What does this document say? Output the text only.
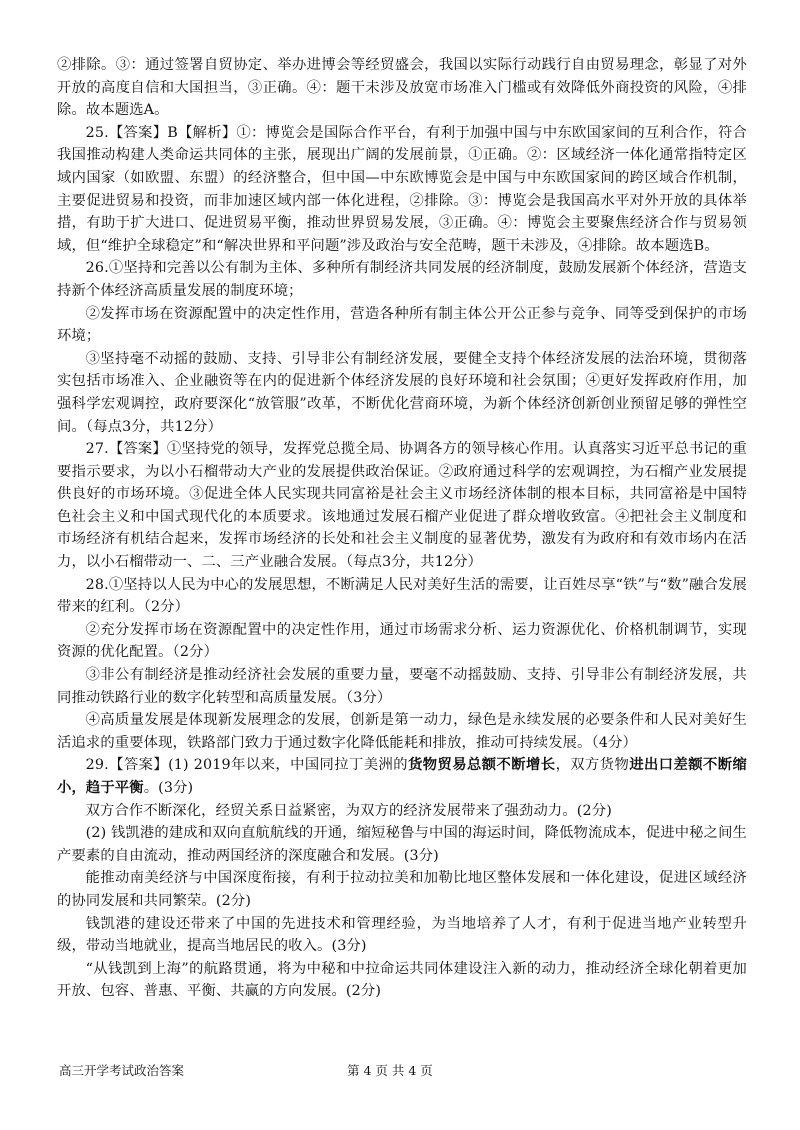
②排除。③：通过签署自贸协定、举办进博会等经贸盛会，我国以实际行动践行自由贸易理念，彰显了对外开放的高度自信和大国担当，③正确。④：题干未涉及放宽市场准入门槛或有效降低外商投资的风险，④排除。故本题选A。

25.【答案】B【解析】①：博览会是国际合作平台，有利于加强中国与中东欧国家间的互利合作，符合我国推动构建人类命运共同体的主张，展现出广阔的发展前景，①正确。②：区域经济一体化通常指特定区域内国家（如欧盟、东盟）的经济整合，但中国—中东欧博览会是中国与中东欧国家间的跨区域合作机制，主要促进贸易和投资，而非加速区域内部一体化进程，②排除。③：博览会是我国高水平对外开放的具体举措，有助于扩大进口、促进贸易平衡，推动世界贸易发展，③正确。④：博览会主要聚焦经济合作与贸易领域，但“维护全球稳定”和“解决世界和平问题”涉及政治与安全范畴，题干未涉及，④排除。故本题选B。

26.①坚持和完善以公有制为主体、多种所有制经济共同发展的经济制度，鼓励发展新个体经济，营造支持新个体经济高质量发展的制度环境；

②发挥市场在资源配置中的决定性作用，营造各种所有制主体公开公正参与竞争、同等受到保护的市场环境；

③坚持毫不动摇的鼓励、支持、引导非公有制经济发展，要健全支持个体经济发展的法治环境，贯彻落实包括市场准入、企业融资等在内的促进新个体经济发展的良好环境和社会氛围；④更好发挥政府作用，加强科学宏观调控，政府要深化“放管服”改革，不断优化营商环境，为新个体经济创新创业预留足够的弹性空间。（每点3分，共12分）

27.【答案】①坚持党的领导，发挥党总揽全局、协调各方的领导核心作用。认真落实习近平总书记的重要指示要求，为以小石榴带动大产业的发展提供政治保证。②政府通过科学的宏观调控，为石榴产业发展提供良好的市场环境。③促进全体人民实现共同富裕是社会主义市场经济体制的根本目标，共同富裕是中国特色社会主义和中国式现代化的本质要求。该地通过发展石榴产业促进了群众增收致富。④把社会主义制度和市场经济有机结合起来，发挥市场经济的长处和社会主义制度的显著优势，激发有为政府和有效市场内在活力，以小石榴带动一、二、三产业融合发展。（每点3分，共12分）

28.①坚持以人民为中心的发展思想，不断满足人民对美好生活的需要，让百姓尽享“铁”与“数”融合发展带来的红利。（2分）

②充分发挥市场在资源配置中的决定性作用，通过市场需求分析、运力资源优化、价格机制调节，实现资源的优化配置。（2分）

③非公有制经济是推动经济社会发展的重要力量，要毫不动摇鼓励、支持、引导非公有制经济发展，共同推动铁路行业的数字化转型和高质量发展。（3分）

④高质量发展是体现新发展理念的发展，创新是第一动力，绿色是永续发展的必要条件和人民对美好生活追求的重要体现，铁路部门致力于通过数字化降低能耗和排放，推动可持续发展。（4分）

29.【答案】(1) 2019年以来，中国同拉丁美洲的货物贸易总额不断增长，双方货物进出口差额不断缩小，趋于平衡。(3分)

双方合作不断深化，经贸关系日益紧密，为双方的经济发展带来了强劲动力。(2分)

(2) 钱凯港的建成和双向直航航线的开通，缩短秘鲁与中国的海运时间，降低物流成本，促进中秘之间生产要素的自由流动，推动两国经济的深度融合和发展。(3分)

能推动南美经济与中国深度衔接，有利于拉动拉美和加勒比地区整体发展和一体化建设，促进区域经济的协同发展和共同繁荣。(2分)

钱凯港的建设还带来了中国的先进技术和管理经验，为当地培养了人才，有利于促进当地产业转型升级，带动当地就业，提高当地居民的收入。(3分)

“从钱凯到上海”的航路贯通，将为中秘和中拉命运共同体建设注入新的动力，推动经济全球化朝着更加开放、包容、普惠、平衡、共赢的方向发展。(2分)

高三开学考试政治答案	第 4 页 共 4 页
